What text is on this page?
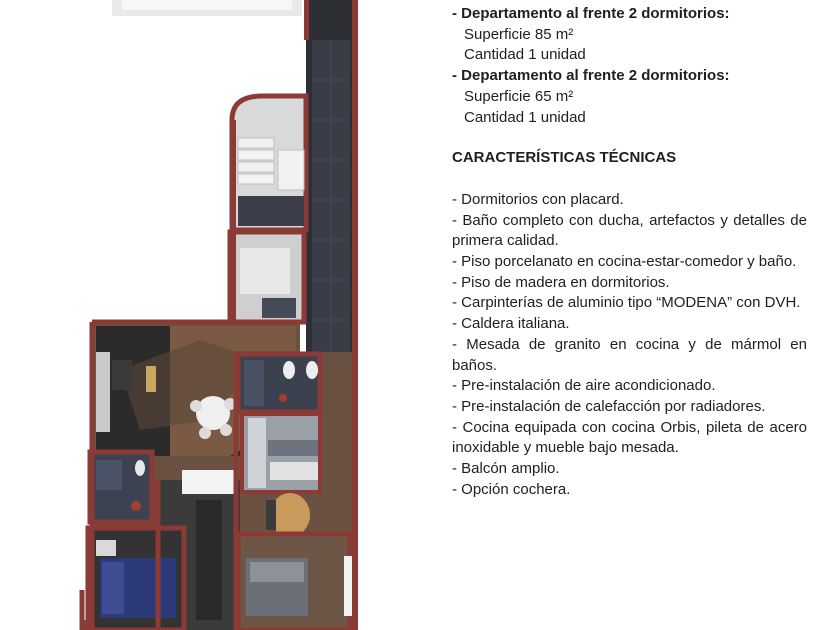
- Departamento al frente 2 dormitorios:
Superficie 85 m²
Cantidad 1 unidad
- Departamento al frente 2 dormitorios:
Superficie 65 m²
Cantidad 1 unidad
CARACTERÍSTICAS TÉCNICAS
- Dormitorios con placard.
- Baño completo con ducha, artefactos y detalles de primera calidad.
- Piso porcelanato en cocina-estar-comedor y baño.
- Piso de madera en dormitorios.
- Carpinterías de aluminio tipo “MODENA” con DVH.
- Caldera italiana.
- Mesada de granito en cocina y de mármol en baños.
- Pre-instalación de aire acondicionado.
- Pre-instalación de calefacción por radiadores.
- Cocina equipada con cocina Orbis, pileta de acero inoxidable y mueble bajo mesada.
- Balcón amplio.
- Opción cochera.
